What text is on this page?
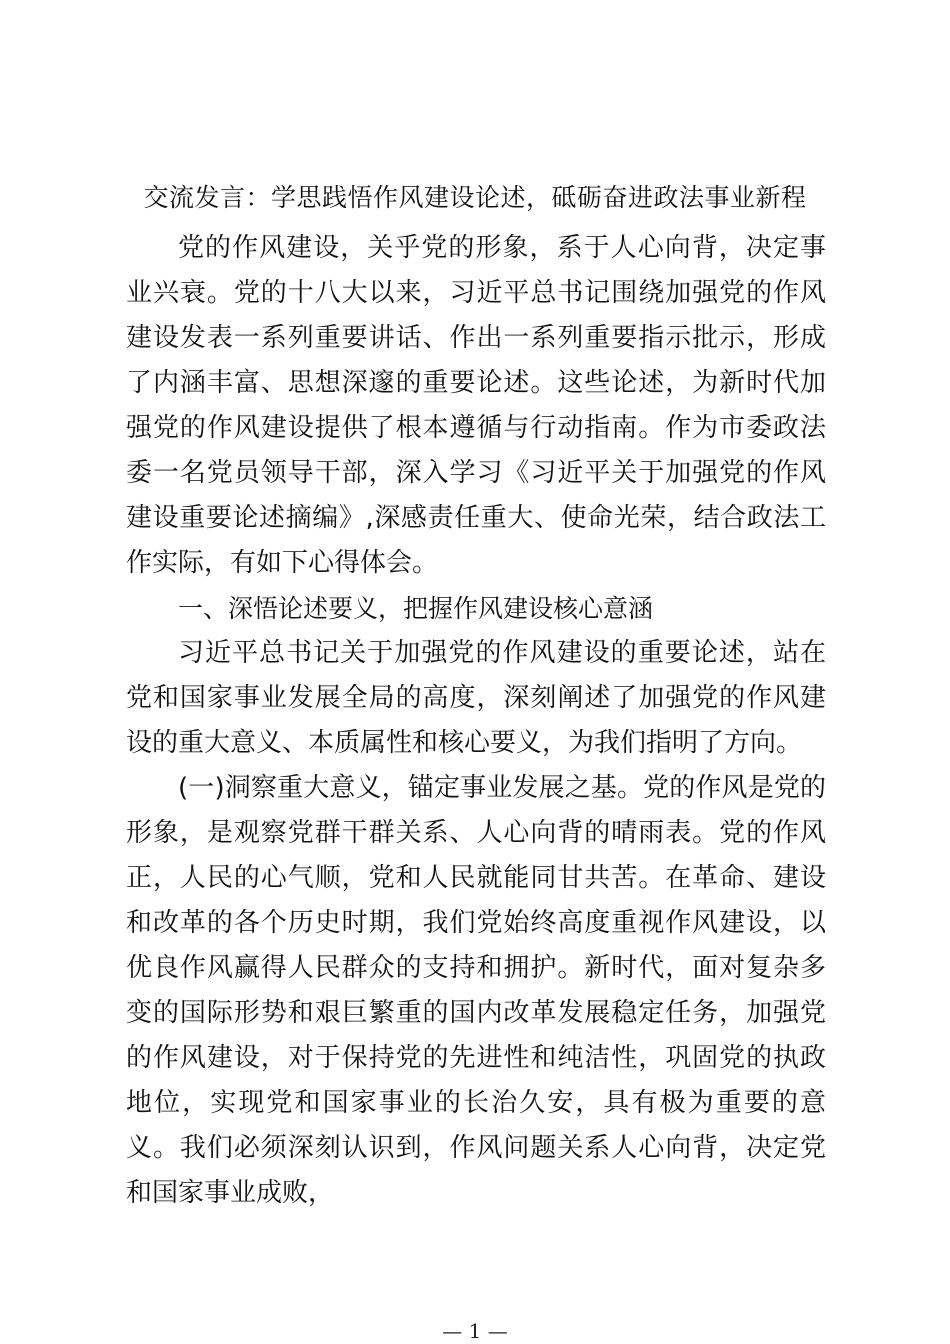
交流发言：学思践悟作风建设论述，砥砺奋进政法事业新程

党的作风建设，关乎党的形象，系于人心向背，决定事业兴衰。党的十八大以来，习近平总书记围绕加强党的作风建设发表一系列重要讲话、作出一系列重要指示批示，形成了内涵丰富、思想深邃的重要论述。这些论述，为新时代加强党的作风建设提供了根本遵循与行动指南。作为市委政法委一名党员领导干部，深入学习《习近平关于加强党的作风建设重要论述摘编》,深感责任重大、使命光荣，结合政法工作实际，有如下心得体会。

一、深悟论述要义，把握作风建设核心意涵

习近平总书记关于加强党的作风建设的重要论述，站在党和国家事业发展全局的高度，深刻阐述了加强党的作风建设的重大意义、本质属性和核心要义，为我们指明了方向。

(一)洞察重大意义，锚定事业发展之基。党的作风是党的形象，是观察党群干群关系、人心向背的晴雨表。党的作风正，人民的心气顺，党和人民就能同甘共苦。在革命、建设和改革的各个历史时期，我们党始终高度重视作风建设，以优良作风赢得人民群众的支持和拥护。新时代，面对复杂多变的国际形势和艰巨繁重的国内改革发展稳定任务，加强党的作风建设，对于保持党的先进性和纯洁性，巩固党的执政地位，实现党和国家事业的长治久安，具有极为重要的意义。我们必须深刻认识到，作风问题关系人心向背，决定党和国家事业成败，

— 1 —
